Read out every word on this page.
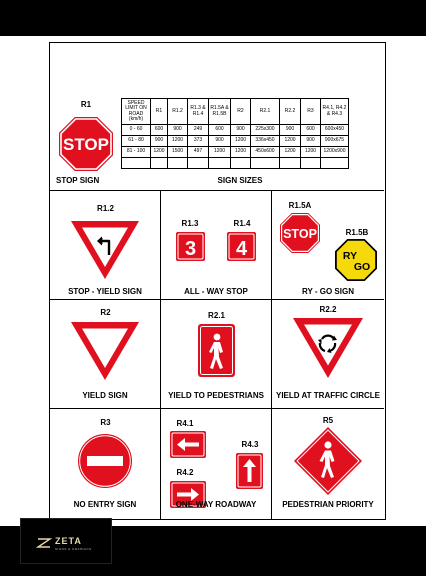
R1
STOP
STOP SIGN
SPEED LIMIT ON ROAD (km/h)	R1	R1.2	R1.3 & R1.4	R1.5A & R1.5B	R2	R2.1	R2.2	R3	R4.1, R4.2 & R4.3
0 - 60	600	900	249	600	900	225x300	900	600	600x450
61 - 80	900	1200	373	900	1200	336x450	1200	900	900x675
81 - 100	1200	1500	497	1200	1200	450x600	1200	1200	1200x900

SIGN SIZES
R1.2
STOP - YIELD SIGN
R1.3	R1.4
3 4
ALL - WAY STOP
R1.5A
STOP	R1.5B
RY
GO
RY - GO SIGN
R2
YIELD SIGN
R2.1
YIELD TO PEDESTRIANS
R2.2
YIELD AT TRAFFIC CIRCLE
R3
NO ENTRY SIGN
R4.1
R4.2
R4.3
ONE-WAY ROADWAY
R5
PEDESTRIAN PRIORITY
ZETA
SIGNS & GRAPHICS
